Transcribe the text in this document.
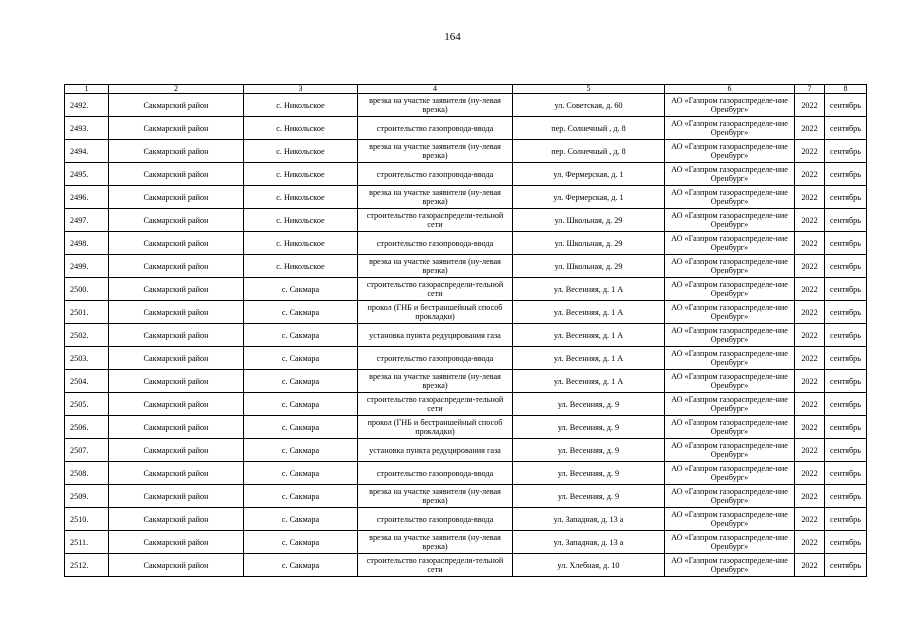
164
1	2	3	4	5	6	7	8
2492.	Сакмарский район	с. Никольское	врезка на участке заявителя (ну-левая врезка)	ул. Советская, д. 60	АО «Газпром газораспределе-ние Оренбург»	2022	сентябрь
2493.	Сакмарский район	с. Никольское	строительство газопровода-ввода	пер. Солнечный , д. 8	АО «Газпром газораспределе-ние Оренбург»	2022	сентябрь
2494.	Сакмарский район	с. Никольское	врезка на участке заявителя (ну-левая врезка)	пер. Солнечный , д. 8	АО «Газпром газораспределе-ние Оренбург»	2022	сентябрь
2495.	Сакмарский район	с. Никольское	строительство газопровода-ввода	ул. Фермерская, д. 1	АО «Газпром газораспределе-ние Оренбург»	2022	сентябрь
2496.	Сакмарский район	с. Никольское	врезка на участке заявителя (ну-левая врезка)	ул. Фермерская, д. 1	АО «Газпром газораспределе-ние Оренбург»	2022	сентябрь
2497.	Сакмарский район	с. Никольское	строительство газораспредели-тельной сети	ул. Школьная, д. 29	АО «Газпром газораспределе-ние Оренбург»	2022	сентябрь
2498.	Сакмарский район	с. Никольское	строительство газопровода-ввода	ул. Школьная, д. 29	АО «Газпром газораспределе-ние Оренбург»	2022	сентябрь
2499.	Сакмарский район	с. Никольское	врезка на участке заявителя (ну-левая врезка)	ул. Школьная, д. 29	АО «Газпром газораспределе-ние Оренбург»	2022	сентябрь
2500.	Сакмарский район	с. Сакмара	строительство газораспредели-тельной сети	ул. Весенняя, д. 1 А	АО «Газпром газораспределе-ние Оренбург»	2022	сентябрь
2501.	Сакмарский район	с. Сакмара	прокол (ГНБ и бестраншейный способ прокладки)	ул. Весенняя, д. 1 А	АО «Газпром газораспределе-ние Оренбург»	2022	сентябрь
2502.	Сакмарский район	с. Сакмара	установка пункта редуцирования газа	ул. Весенняя, д. 1 А	АО «Газпром газораспределе-ние Оренбург»	2022	сентябрь
2503.	Сакмарский район	с. Сакмара	строительство газопровода-ввода	ул. Весенняя, д. 1 А	АО «Газпром газораспределе-ние Оренбург»	2022	сентябрь
2504.	Сакмарский район	с. Сакмара	врезка на участке заявителя (ну-левая врезка)	ул. Весенняя, д. 1 А	АО «Газпром газораспределе-ние Оренбург»	2022	сентябрь
2505.	Сакмарский район	с. Сакмара	строительство газораспредели-тельной сети	ул. Весенняя, д. 9	АО «Газпром газораспределе-ние Оренбург»	2022	сентябрь
2506.	Сакмарский район	с. Сакмара	прокол (ГНБ и бестраншейный способ прокладки)	ул. Весенняя, д. 9	АО «Газпром газораспределе-ние Оренбург»	2022	сентябрь
2507.	Сакмарский район	с. Сакмара	установка пункта редуцирования газа	ул. Весенняя, д. 9	АО «Газпром газораспределе-ние Оренбург»	2022	сентябрь
2508.	Сакмарский район	с. Сакмара	строительство газопровода-ввода	ул. Весенняя, д. 9	АО «Газпром газораспределе-ние Оренбург»	2022	сентябрь
2509.	Сакмарский район	с. Сакмара	врезка на участке заявителя (ну-левая врезка)	ул. Весенняя, д. 9	АО «Газпром газораспределе-ние Оренбург»	2022	сентябрь
2510.	Сакмарский район	с. Сакмара	строительство газопровода-ввода	ул. Западная, д. 13 а	АО «Газпром газораспределе-ние Оренбург»	2022	сентябрь
2511.	Сакмарский район	с. Сакмара	врезка на участке заявителя (ну-левая врезка)	ул. Западная, д. 13 а	АО «Газпром газораспределе-ние Оренбург»	2022	сентябрь
2512.	Сакмарский район	с. Сакмара	строительство газораспредели-тельной сети	ул. Хлебная, д. 10	АО «Газпром газораспределе-ние Оренбург»	2022	сентябрь
